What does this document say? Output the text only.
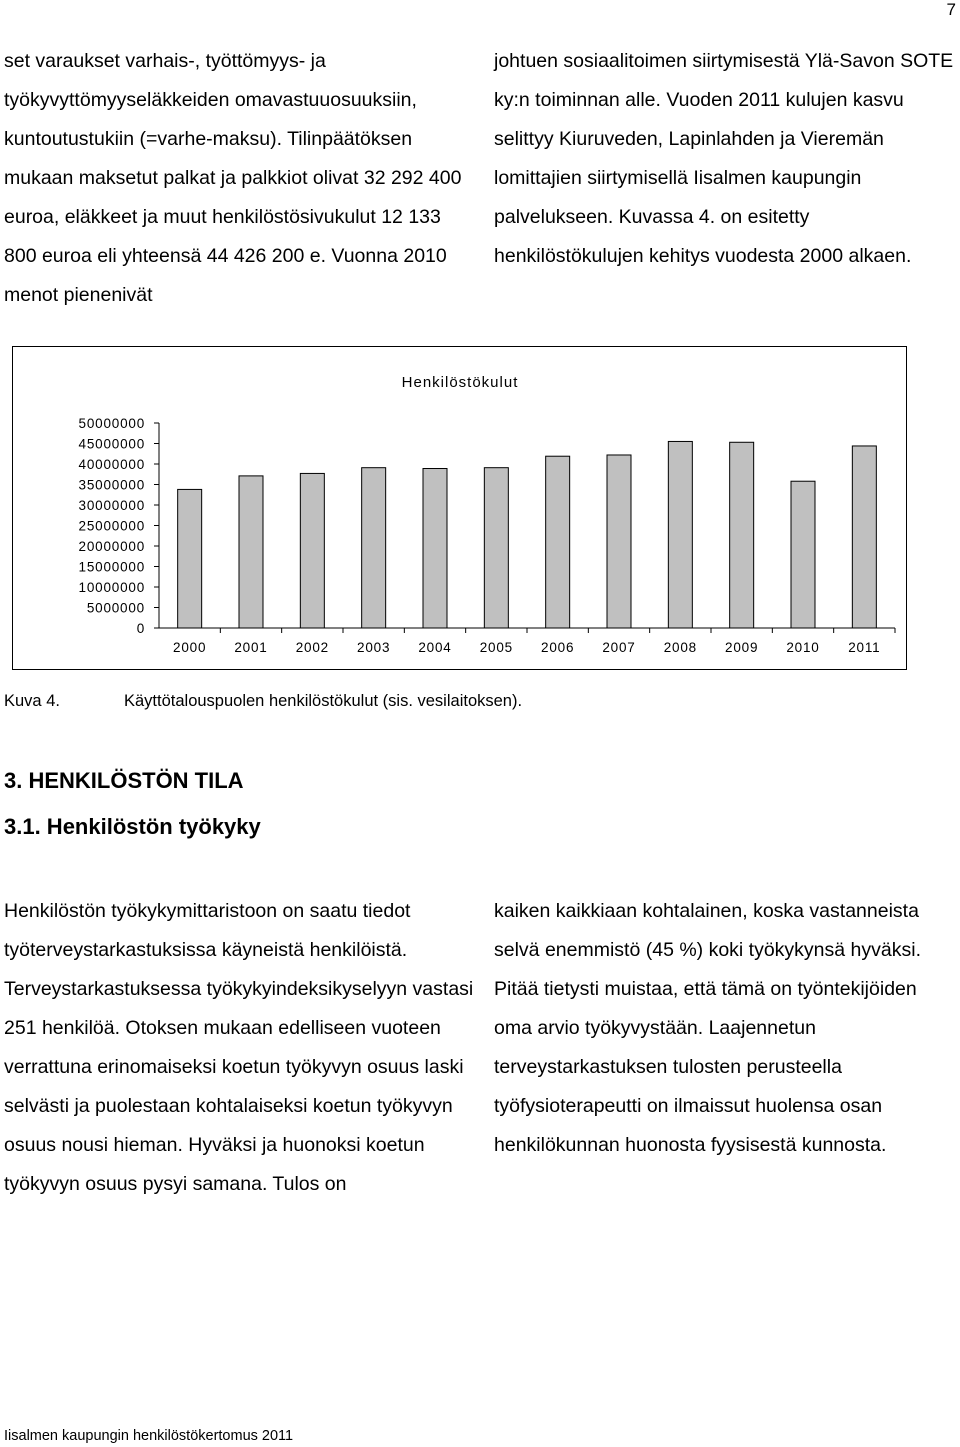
7

set varaukset varhais-, työttömyys- ja työkyvyttömyyseläkkeiden omavastuuosuuksiin, kuntoutustukiin (=varhe-maksu). Tilinpäätöksen mukaan maksetut palkat ja palkkiot olivat 32 292 400 euroa, eläkkeet ja muut henkilöstösivukulut 12 133 800 euroa eli yhteensä 44 426 200 e. Vuonna 2010 menot pienenivät

johtuen sosiaalitoimen siirtymisestä Ylä-Savon SOTE ky:n toiminnan alle. Vuoden 2011 kulujen kasvu selittyy Kiuruveden, Lapinlahden ja Vieremän lomittajien siirtymisellä Iisalmen kaupungin palvelukseen. Kuvassa 4. on esitetty henkilöstökulujen kehitys vuodesta 2000 alkaen.

Henkilöstökulut
0
5000000
10000000
15000000
20000000
25000000
30000000
35000000
40000000
45000000
50000000
2000 2001 2002 2003 2004 2005 2006 2007 2008 2009 2010 2011
Kuva 4.	Käyttötalouspuolen henkilöstökulut (sis. vesilaitoksen).
3. HENKILÖSTÖN TILA
3.1. Henkilöstön työkyky

Henkilöstön työkykymittaristoon on saatu tiedot työterveystarkastuksissa käyneistä henkilöistä. Terveystarkastuksessa työkykyindeksikyselyyn vastasi 251 henkilöä. Otoksen mukaan edelliseen vuoteen verrattuna erinomaiseksi koetun työkyvyn osuus laski selvästi ja puolestaan kohtalaiseksi koetun työkyvyn osuus nousi hieman. Hyväksi ja huonoksi koetun työkyvyn osuus pysyi samana. Tulos on

kaiken kaikkiaan kohtalainen, koska vastanneista selvä enemmistö (45 %) koki työkykynsä hyväksi. Pitää tietysti muistaa, että tämä on työntekijöiden oma arvio työkyvystään. Laajennetun terveystarkastuksen tulosten perusteella työfysioterapeutti on ilmaissut huolensa osan henkilökunnan huonosta fyysisestä kunnosta.

Iisalmen kaupungin henkilöstökertomus 2011
